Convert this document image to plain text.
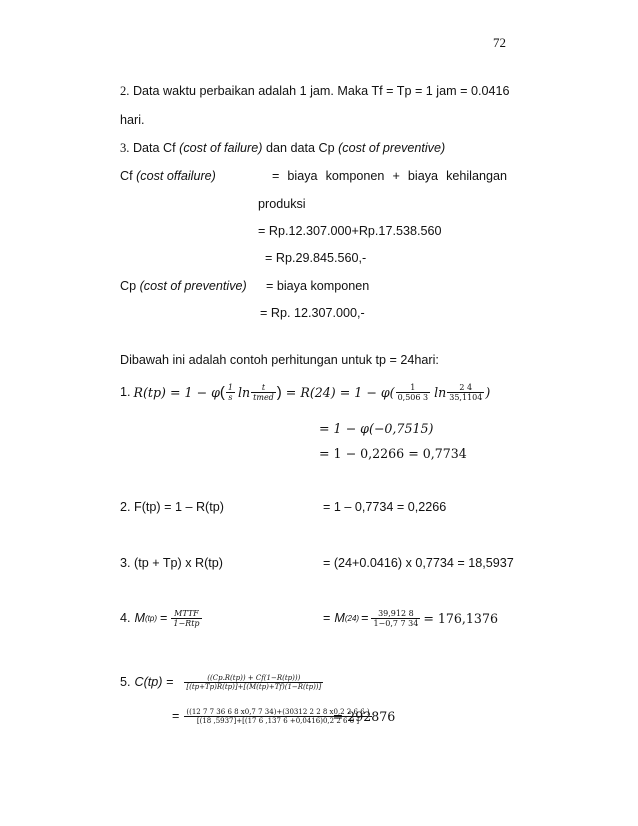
72
2. Data waktu perbaikan adalah 1 jam. Maka Tf = Tp = 1 jam = 0.0416
hari.
3. Data Cf (cost of failure) dan data Cp (cost of preventive)
Cf (cost offailure)	= biaya komponen + biaya kehilangan
produksi
= Rp.12.307.000+Rp.17.538.560
= Rp.29.845.560,-
Cp (cost of preventive) = biaya komponen
= Rp. 12.307.000,-
Dibawah ini adalah contoh perhitungan untuk tp = 24hari:
1. R(tp) = 1 − φ ( $\frac{1}{s}$ $\ln \frac{t}{\text{tmed}}$ ) = $R(24) = 1 - \varphi( \frac{1}{0,506 3}$ $\ln \frac{2 4}{35,1104}$ )
= 1 − φ(−0,7515)
= 1 − 0,2266 = 0,7734
2. F(tp) = 1 – R(tp)	= 1 – 0,7734 = 0,2266
3. (tp + Tp) x R(tp)	= (24+0.0416) x 0,7734 = 18,5937
4. M $(tp) = \frac{\text{MTTF}}{\text{1−Rtp}}$	= M $(24) = \frac{39,912 8}{1-0,7 7 34} = 176,1376$
5. $C(tp) = \frac{((Cp.R(tp)) + Cf(1-R(tp)))}{[(tp+Tp)R(tp)]+[(M(tp)+Tf)(1-R(tp))]}$
= ((12 7 7 36 6 8 x0,7 7 34)+(30312 2 2 8 x0,2 2 6 6 )
[(18 ,5937]+[(17 6 ,137 6 +0,0416)0,2 2 6 6 ]
= 292876
